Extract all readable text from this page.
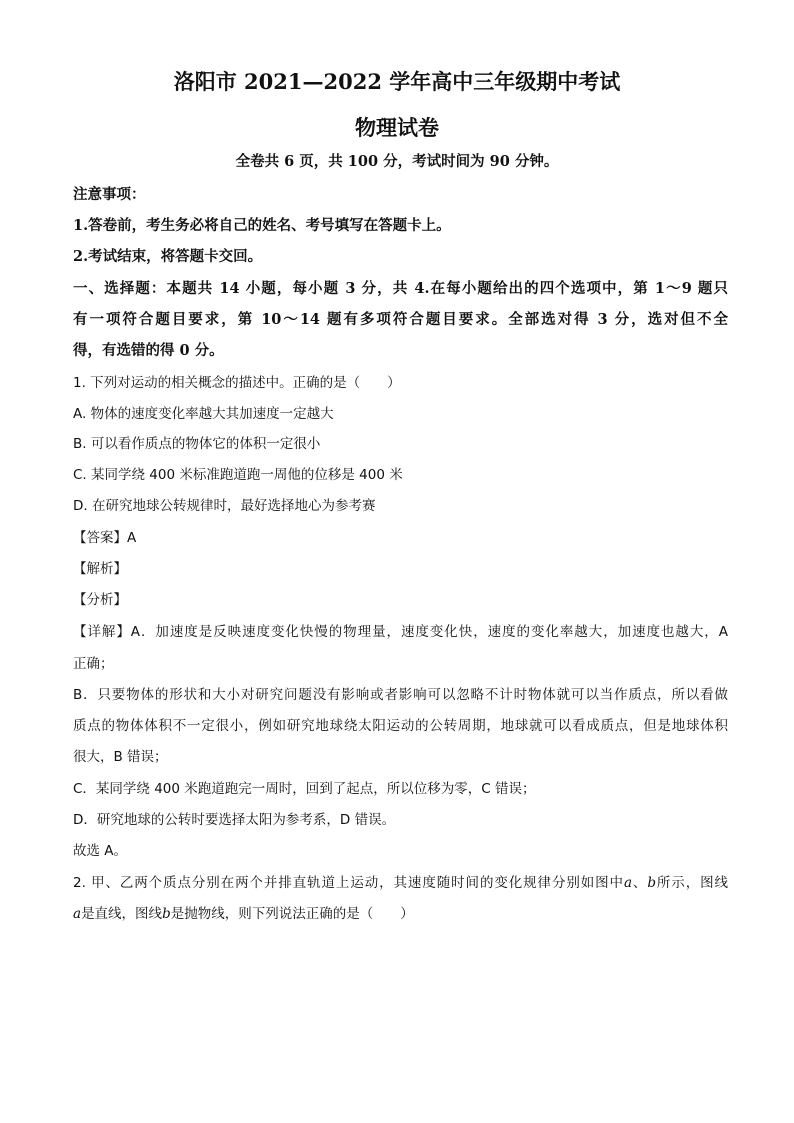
洛阳市 2021—2022 学年高中三年级期中考试
物理试卷
全卷共 6 页，共 100 分，考试时间为 90 分钟。
注意事项：
1.答卷前，考生务必将自己的姓名、考号填写在答题卡上。
2.考试结束，将答题卡交回。
一、选择题：本题共 14 小题，每小题 3 分，共 4.在每小题给出的四个选项中，第 1～9 题只
有一项符合题目要求，第 10～14 题有多项符合题目要求。全部选对得 3 分，选对但不全
得，有选错的得 0 分。
1. 下列对运动的相关概念的描述中。正确的是（　　）
A. 物体的速度变化率越大其加速度一定越大
B. 可以看作质点的物体它的体积一定很小
C. 某同学绕 400 米标准跑道跑一周他的位移是 400 米
D. 在研究地球公转规律时，最好选择地心为参考赛
【答案】A
【解析】
【分析】
【详解】A．加速度是反映速度变化快慢的物理量，速度变化快，速度的变化率越大，加速度也越大，A
正确；
B．只要物体的形状和大小对研究问题没有影响或者影响可以忽略不计时物体就可以当作质点，所以看做
质点的物体体积不一定很小，例如研究地球绕太阳运动的公转周期，地球就可以看成质点，但是地球体积
很大，B 错误；
C．某同学绕 400 米跑道跑完一周时，回到了起点，所以位移为零，C 错误；
D．研究地球的公转时要选择太阳为参考系，D 错误。
故选 A。
2. 甲、乙两个质点分别在两个并排直轨道上运动，其速度随时间的变化规律分别如图中a、b所示，图线
a是直线，图线b是抛物线，则下列说法正确的是（　　）
